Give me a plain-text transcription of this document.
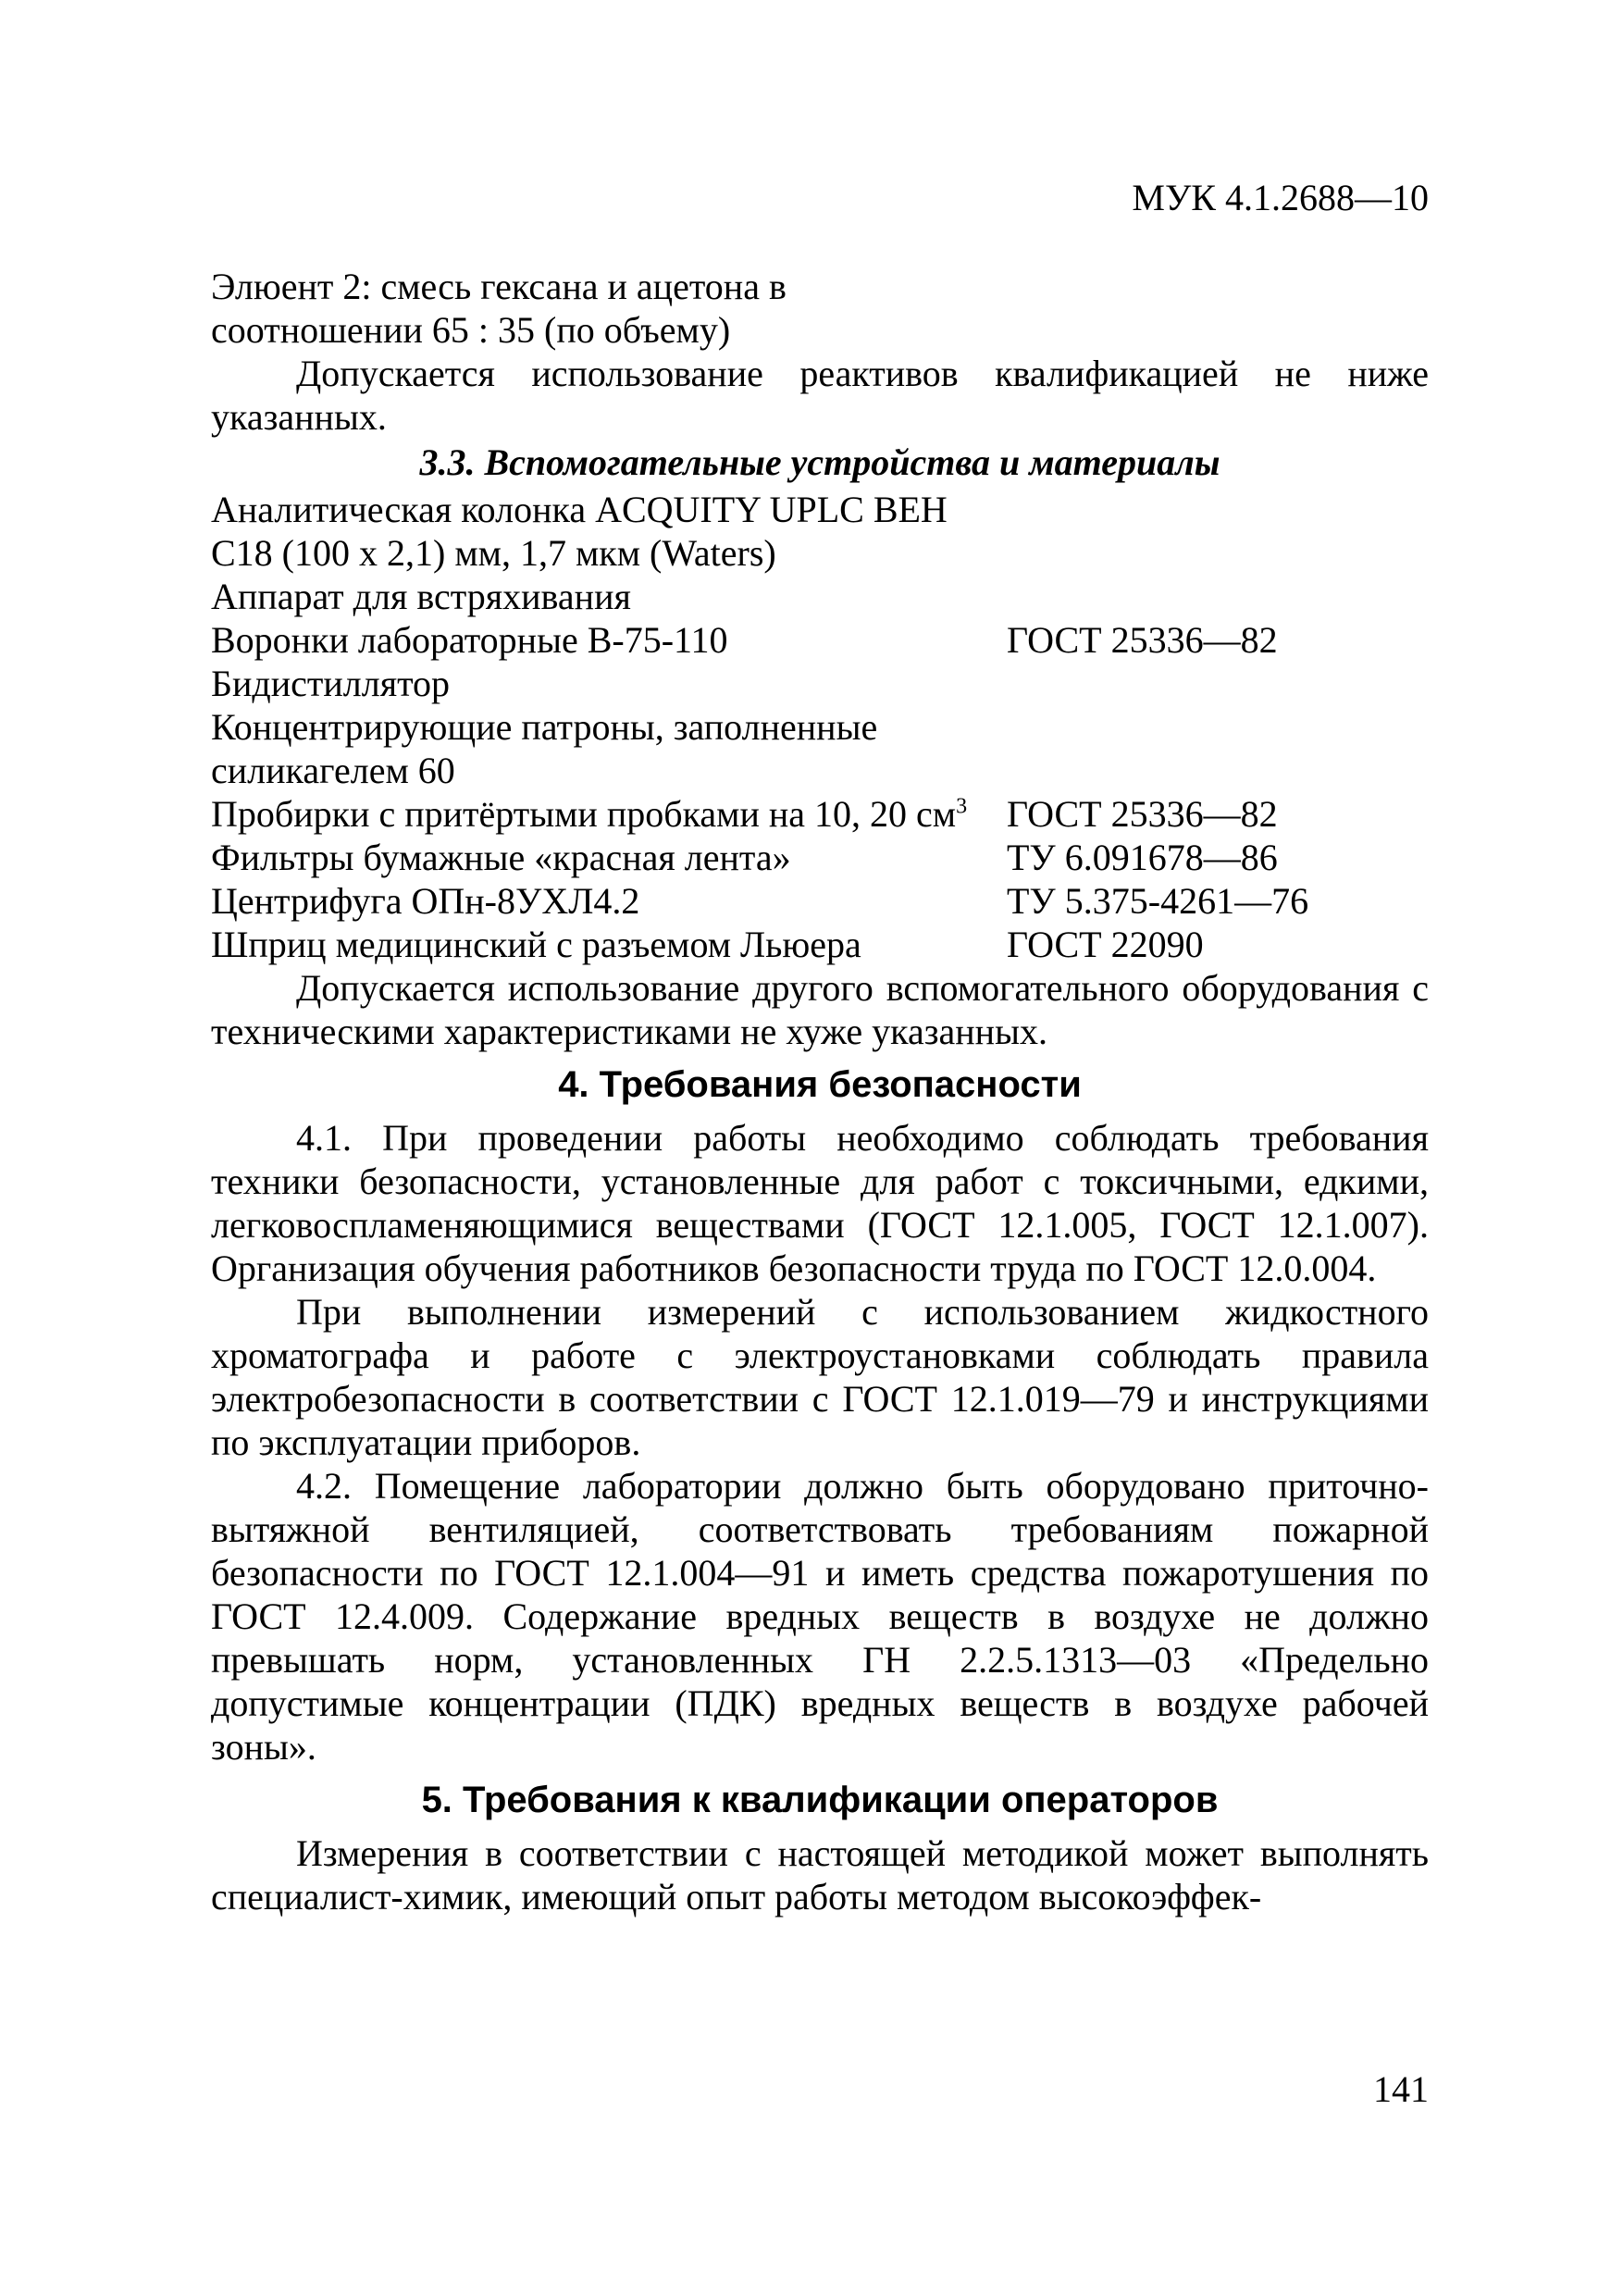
МУК 4.1.2688—10

Элюент 2: смесь гексана и ацетона в соотношении 65 : 35 (по объему)

Допускается использование реактивов квалификацией не ниже указанных.

3.3. Вспомогательные устройства и материалы

Аналитическая колонка ACQUITY UPLC BEH C18 (100 x 2,1) мм, 1,7 мкм (Waters)
Аппарат для встряхивания
Воронки лабораторные В-75-110	ГОСТ 25336—82
Бидистиллятор
Концентрирующие патроны, заполненные силикагелем 60
Пробирки с притёртыми пробками на 10, 20 $см^3$	ГОСТ 25336—82
Фильтры бумажные «красная лента»	ТУ 6.091678—86
Центрифуга ОПн-8УХЛ4.2	ТУ 5.375-4261—76
Шприц медицинский с разъемом Льюера	ГОСТ 22090

Допускается использование другого вспомогательного оборудования с техническими характеристиками не хуже указанных.

4. Требования безопасности

4.1. При проведении работы необходимо соблюдать требования техники безопасности, установленные для работ с токсичными, едкими, легковоспламеняющимися веществами (ГОСТ 12.1.005, ГОСТ 12.1.007). Организация обучения работников безопасности труда по ГОСТ 12.0.004.

При выполнении измерений с использованием жидкостного хроматографа и работе с электроустановками соблюдать правила электробезопасности в соответствии с ГОСТ 12.1.019—79 и инструкциями по эксплуатации приборов.

4.2. Помещение лаборатории должно быть оборудовано приточно-вытяжной вентиляцией, соответствовать требованиям пожарной безопасности по ГОСТ 12.1.004—91 и иметь средства пожаротушения по ГОСТ 12.4.009. Содержание вредных веществ в воздухе не должно превышать норм, установленных ГН 2.2.5.1313—03 «Предельно допустимые концентрации (ПДК) вредных веществ в воздухе рабочей зоны».

5. Требования к квалификации операторов

Измерения в соответствии с настоящей методикой может выполнять специалист-химик, имеющий опыт работы методом высокоэффек-

141
